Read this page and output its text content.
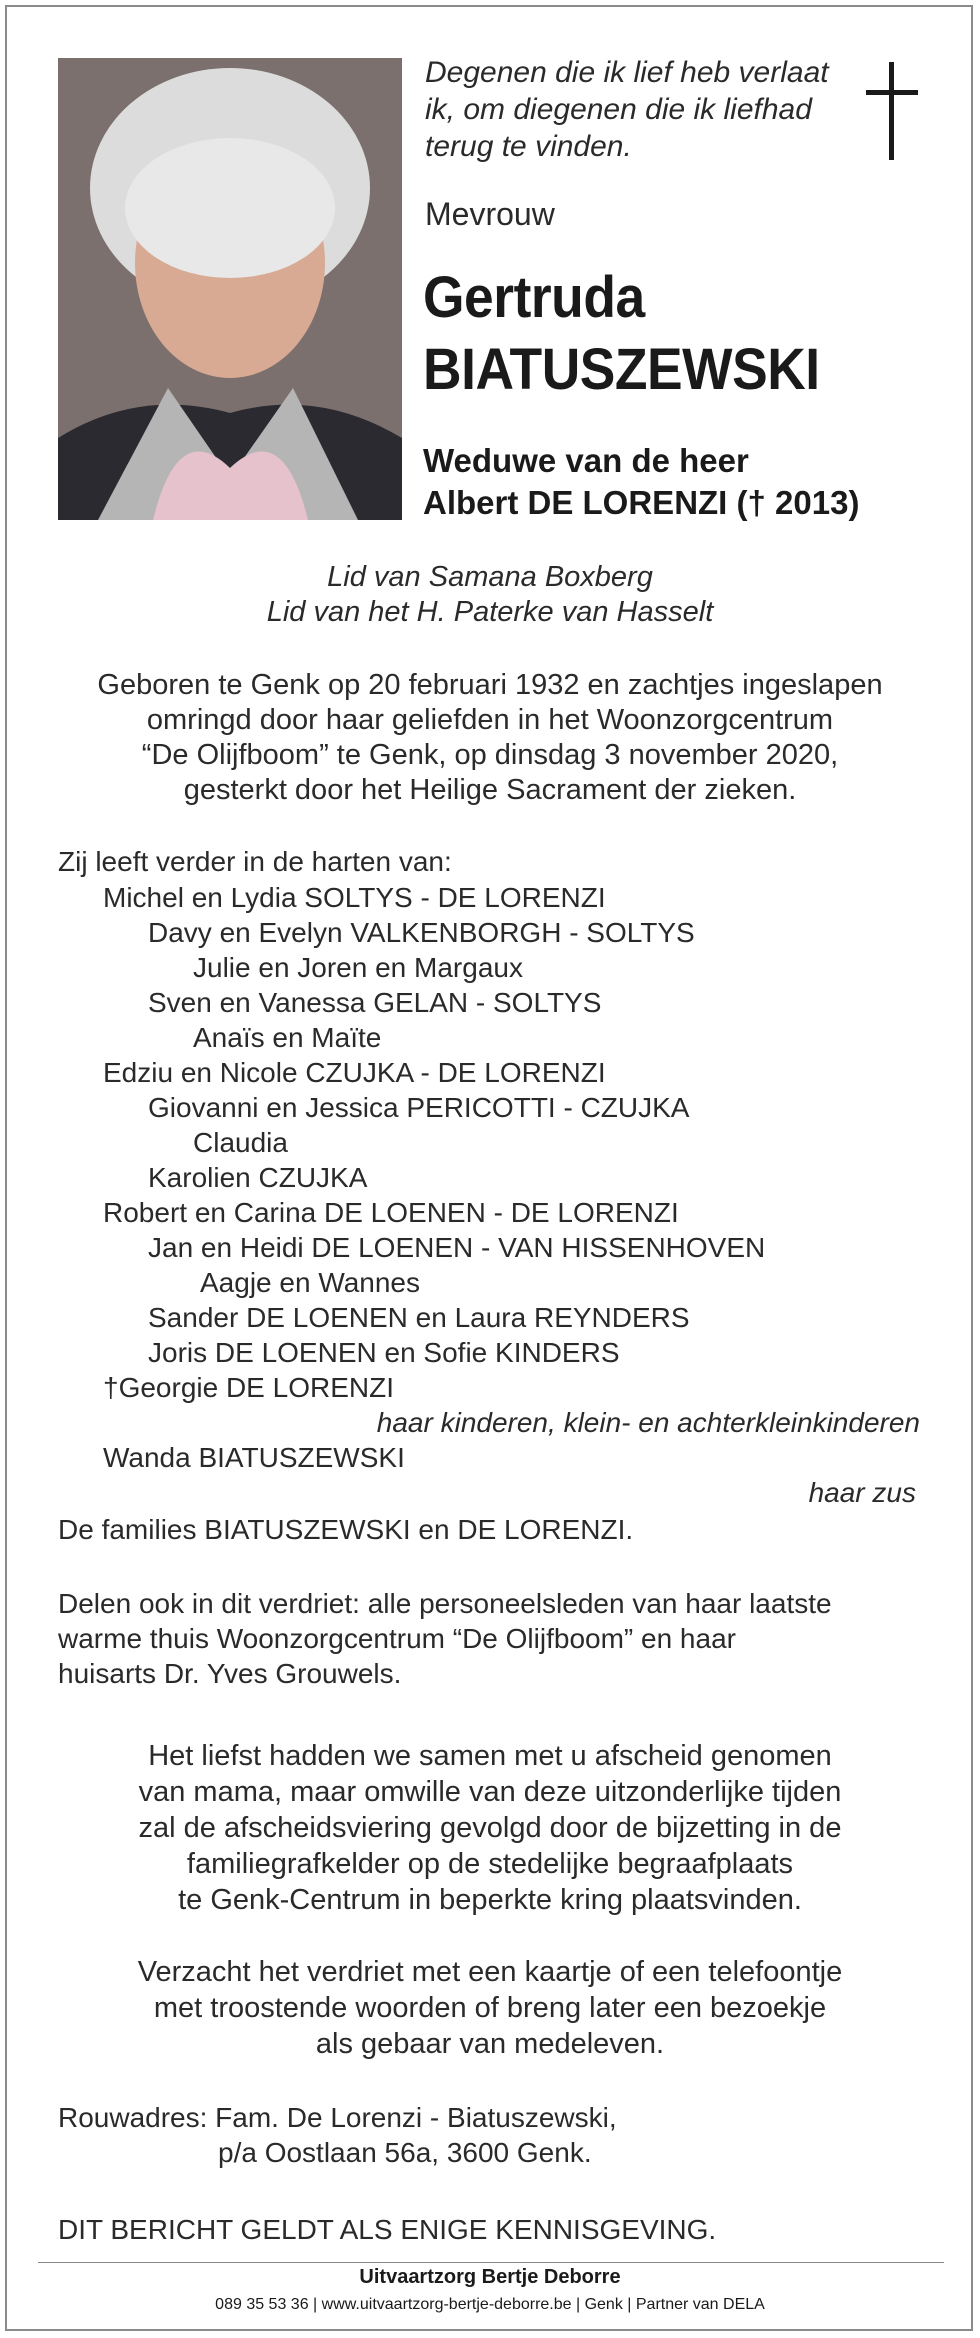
Degenen die ik lief heb verlaat
ik, om diegenen die ik liefhad
terug te vinden.
Mevrouw
Gertruda
BIATUSZEWSKI
Weduwe van de heer
Albert DE LORENZI († 2013)
Lid van Samana Boxberg
Lid van het H. Paterke van Hasselt
Geboren te Genk op 20 februari 1932 en zachtjes ingeslapen
omringd door haar geliefden in het Woonzorgcentrum
“De Olijfboom” te Genk, op dinsdag 3 november 2020,
gesterkt door het Heilige Sacrament der zieken.
Zij leeft verder in de harten van:
Michel en Lydia SOLTYS - DE LORENZI
Davy en Evelyn VALKENBORGH - SOLTYS
Julie en Joren en Margaux
Sven en Vanessa GELAN - SOLTYS
Anaïs en Maïte
Edziu en Nicole CZUJKA - DE LORENZI
Giovanni en Jessica PERICOTTI - CZUJKA
Claudia
Karolien CZUJKA
Robert en Carina DE LOENEN - DE LORENZI
Jan en Heidi DE LOENEN - VAN HISSENHOVEN
Aagje en Wannes
Sander DE LOENEN en Laura REYNDERS
Joris DE LOENEN en Sofie KINDERS
†Georgie DE LORENZI
haar kinderen, klein- en achterkleinkinderen
Wanda BIATUSZEWSKI
haar zus
De families BIATUSZEWSKI en DE LORENZI.
Delen ook in dit verdriet: alle personeelsleden van haar laatste
warme thuis Woonzorgcentrum “De Olijfboom” en haar
huisarts Dr. Yves Grouwels.
Het liefst hadden we samen met u afscheid genomen
van mama, maar omwille van deze uitzonderlijke tijden
zal de afscheidsviering gevolgd door de bijzetting in de
familiegrafkelder op de stedelijke begraafplaats
te Genk-Centrum in beperkte kring plaatsvinden.
Verzacht het verdriet met een kaartje of een telefoontje
met troostende woorden of breng later een bezoekje
als gebaar van medeleven.
Rouwadres: Fam. De Lorenzi - Biatuszewski,
p/a Oostlaan 56a, 3600 Genk.
DIT BERICHT GELDT ALS ENIGE KENNISGEVING.
Uitvaartzorg Bertje Deborre
089 35 53 36 | www.uitvaartzorg-bertje-deborre.be | Genk | Partner van DELA
